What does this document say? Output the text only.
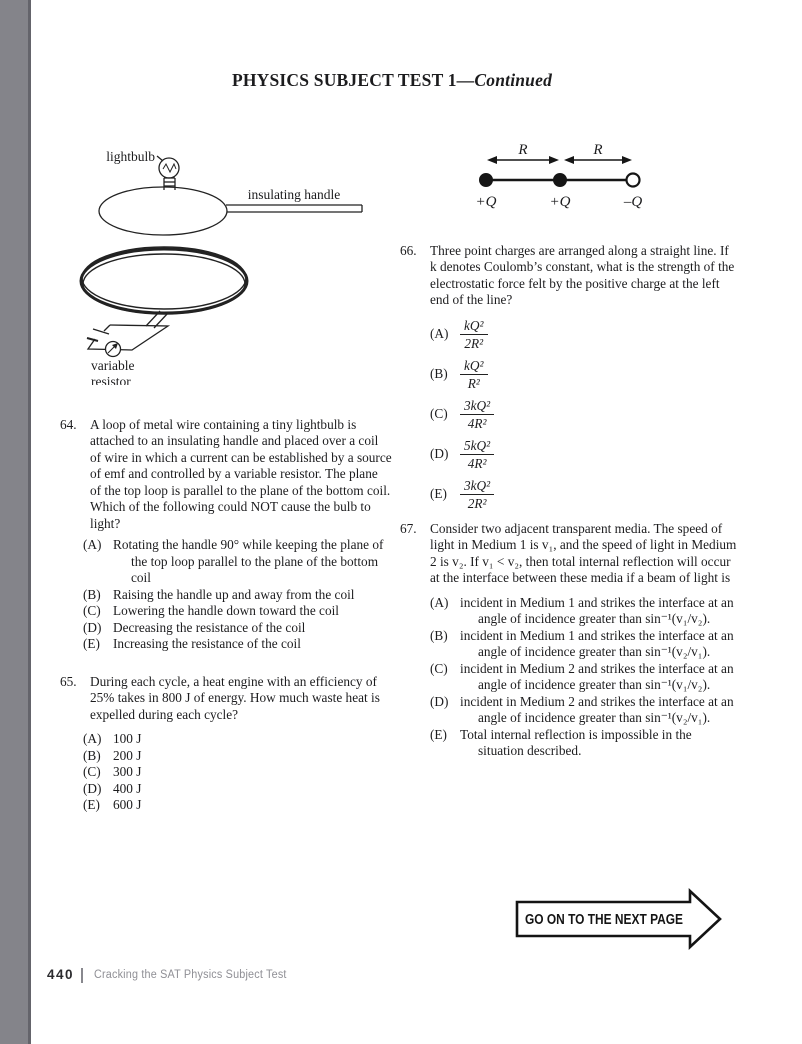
PHYSICS SUBJECT TEST 1—Continued
lightbulb
insulating handle
variable
resistor
64.	A loop of metal wire containing a tiny lightbulb is attached to an insulating handle and placed over a coil of wire in which a current can be established by a source of emf and controlled by a variable resistor. The plane of the top loop is parallel to the plane of the bottom coil. Which of the following could NOT cause the bulb to light?
(A) Rotating the handle 90° while keeping the plane of the top loop parallel to the plane of the bottom coil
(B) Raising the handle up and away from the coil
(C) Lowering the handle down toward the coil
(D) Decreasing the resistance of the coil
(E) Increasing the resistance of the coil
65.	During each cycle, a heat engine with an efficiency of 25% takes in 800 J of energy. How much waste heat is expelled during each cycle?
(A) 100 J
(B) 200 J
(C) 300 J
(D) 400 J
(E) 600 J
R	R
+Q	+Q	–Q
66.	Three point charges are arranged along a straight line. If k denotes Coulomb’s constant, what is the strength of the electrostatic force felt by the positive charge at the left end of the line?
$(A) \frac{\text{kQ²}}{\text{2R²}}$
$(B) \frac{\text{kQ²}}{\text{R²}}$
$(C) \frac{\text{3kQ²}}{\text{4R²}}$
$(D) \frac{\text{5kQ²}}{\text{4R²}}$
$(E) \frac{\text{3kQ²}}{\text{2R²}}$
67.	Consider two adjacent transparent media. The speed of light in Medium 1 is v₁, and the speed of light in Medium 2 is v₂. If v₁ < v₂, then total internal reflection will occur at the interface between these media if a beam of light is
(A) incident in Medium 1 and strikes the interface at an angle of incidence greater than sin⁻¹(v₁/v₂).
(B) incident in Medium 1 and strikes the interface at an angle of incidence greater than sin⁻¹(v₂/v₁).
(C) incident in Medium 2 and strikes the interface at an angle of incidence greater than sin⁻¹(v₁/v₂).
(D) incident in Medium 2 and strikes the interface at an angle of incidence greater than sin⁻¹(v₂/v₁).
(E) Total internal reflection is impossible in the situation described.
GO ON TO THE NEXT PAGE
440 Cracking the SAT Physics Subject Test
